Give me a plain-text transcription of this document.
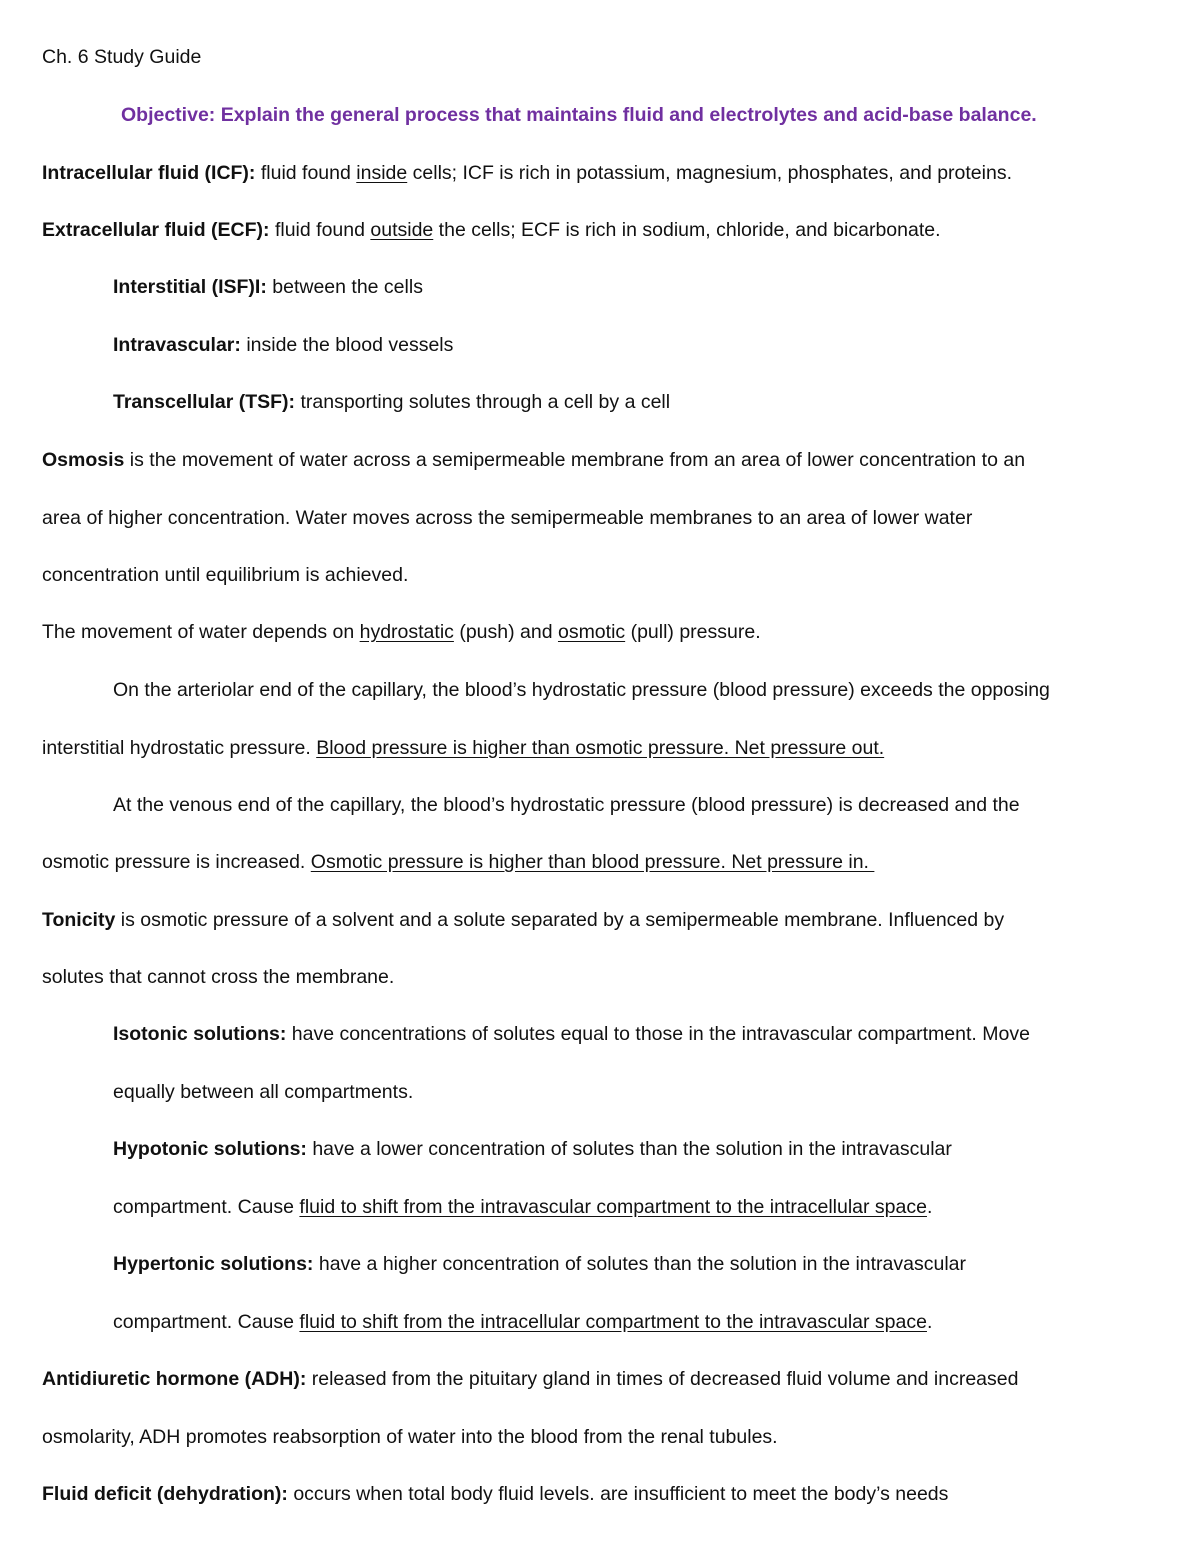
Ch. 6 Study Guide
Objective: Explain the general process that maintains fluid and electrolytes and acid-base balance.
Intracellular fluid (ICF): fluid found inside cells; ICF is rich in potassium, magnesium, phosphates, and proteins.
Extracellular fluid (ECF): fluid found outside the cells; ECF is rich in sodium, chloride, and bicarbonate.
Interstitial (ISF)I: between the cells
Intravascular: inside the blood vessels
Transcellular (TSF): transporting solutes through a cell by a cell
Osmosis is the movement of water across a semipermeable membrane from an area of lower concentration to an
area of higher concentration. Water moves across the semipermeable membranes to an area of lower water
concentration until equilibrium is achieved.
The movement of water depends on hydrostatic (push) and osmotic (pull) pressure.
On the arteriolar end of the capillary, the blood’s hydrostatic pressure (blood pressure) exceeds the opposing
interstitial hydrostatic pressure. Blood pressure is higher than osmotic pressure. Net pressure out.
At the venous end of the capillary, the blood’s hydrostatic pressure (blood pressure) is decreased and the
osmotic pressure is increased. Osmotic pressure is higher than blood pressure. Net pressure in.
Tonicity is osmotic pressure of a solvent and a solute separated by a semipermeable membrane. Influenced by
solutes that cannot cross the membrane.
Isotonic solutions: have concentrations of solutes equal to those in the intravascular compartment. Move
equally between all compartments.
Hypotonic solutions: have a lower concentration of solutes than the solution in the intravascular
compartment. Cause fluid to shift from the intravascular compartment to the intracellular space.
Hypertonic solutions: have a higher concentration of solutes than the solution in the intravascular
compartment. Cause fluid to shift from the intracellular compartment to the intravascular space.
Antidiuretic hormone (ADH): released from the pituitary gland in times of decreased fluid volume and increased
osmolarity, ADH promotes reabsorption of water into the blood from the renal tubules.
Fluid deficit (dehydration): occurs when total body fluid levels. are insufficient to meet the body’s needs
